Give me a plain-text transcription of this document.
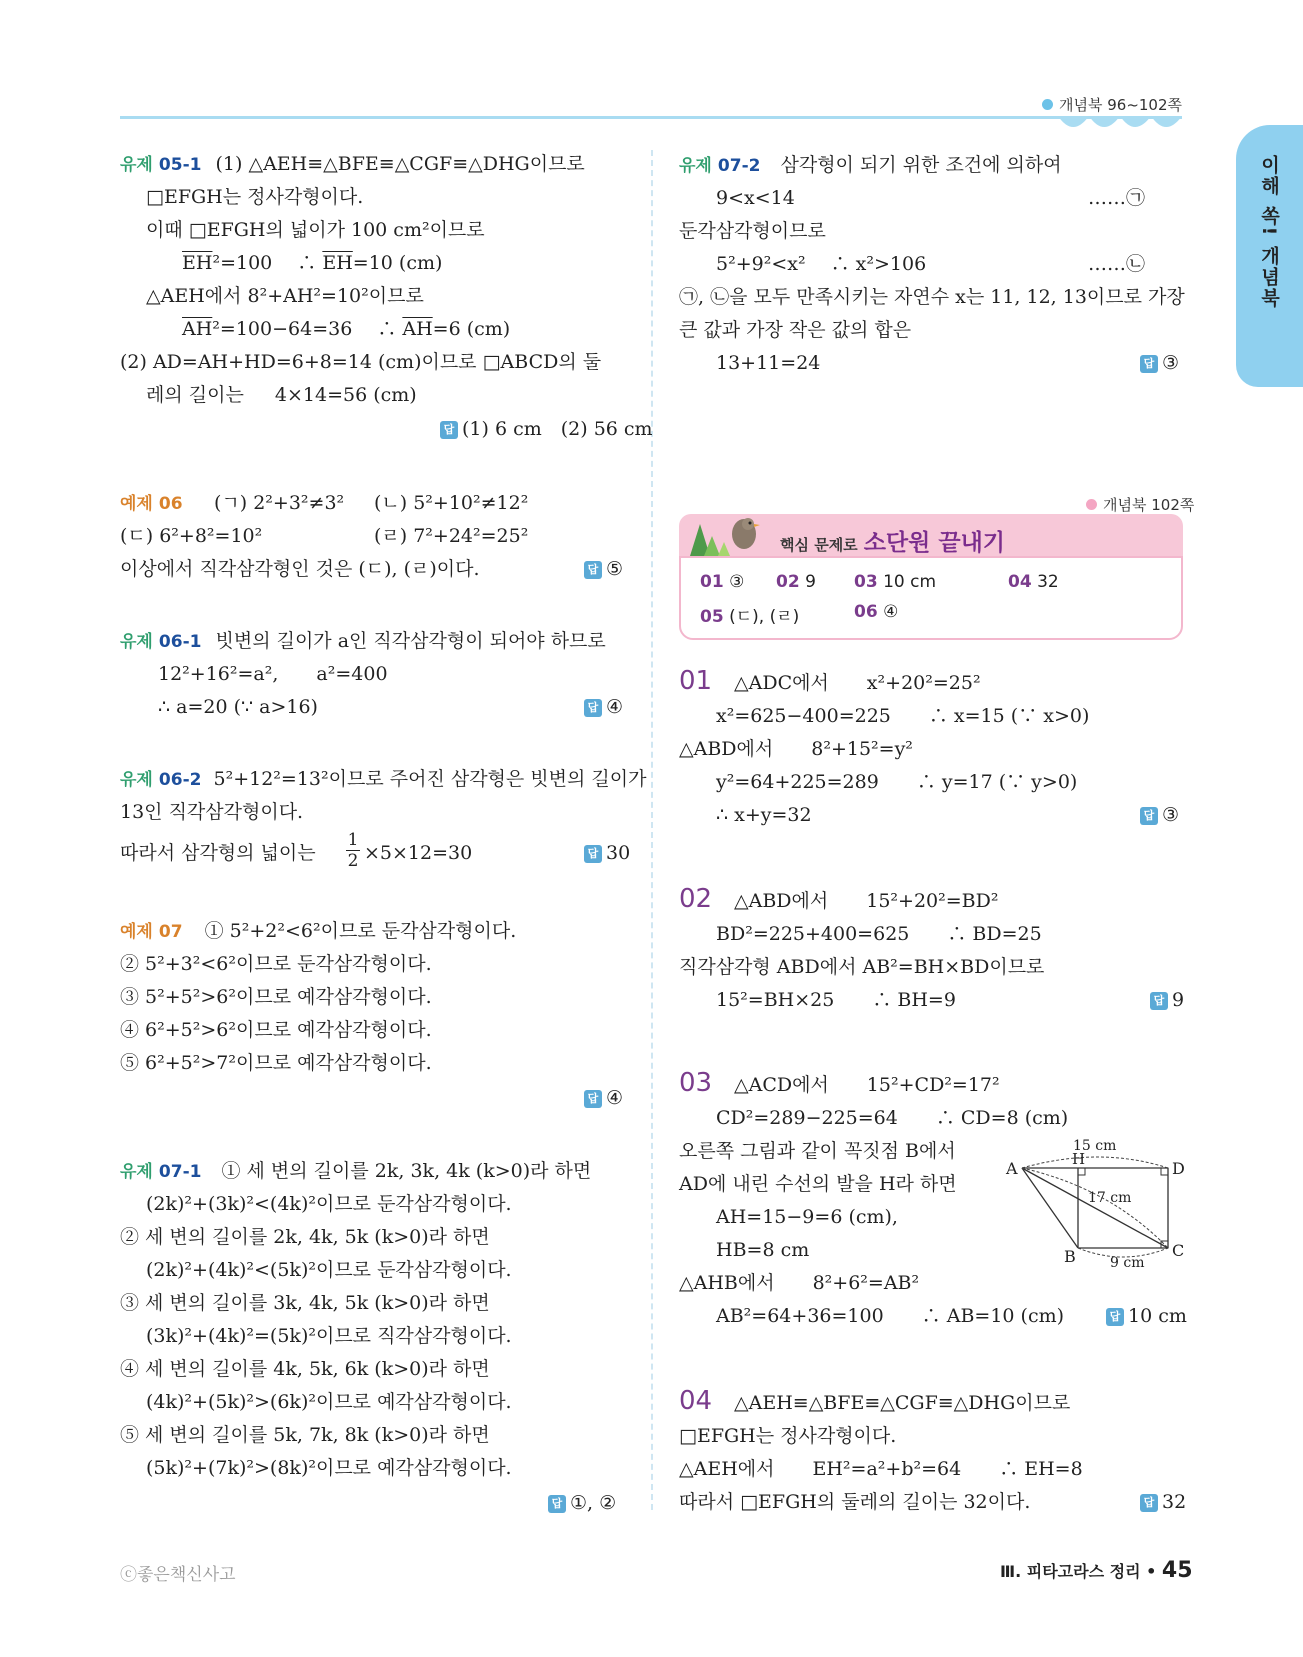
개념북 96~102쪽
이해 쏙! 개념북
유제 05-1 (1) △AEH≡△BFE≡△CGF≡△DHG이므로
□EFGH는 정사각형이다.
이때 □EFGH의 넓이가 100 cm²이므로
$\overline{EH}^2=100$　 ∴ $\overline{EH}=10$ (cm)
△AEH에서 8²+AH²=10²이므로
$\overline{AH}^2=100-64=36$　 ∴ $\overline{AH}=6$ (cm)
(2) AD=AH+HD=6+8=14 (cm)이므로 □ABCD의 둘
레의 길이는 　 4×14=56 (cm)
답 (1) 6 cm　(2) 56 cm
예제 06 (ㄱ) 2²+3²≠3² (ㄴ) 5²+10²≠12²
(ㄷ) 6²+8²=10²	(ㄹ) 7²+24²=25²
이상에서 직각삼각형인 것은 (ㄷ), (ㄹ)이다.	답 ⑤
유제 06-1 빗변의 길이가 a인 직각삼각형이 되어야 하므로
12²+16²=a²,　　a²=400
∴ a=20 (∵ a>16)	답 ④
유제 06-2 5²+12²=13²이므로 주어진 삼각형은 빗변의 길이가
13인 직각삼각형이다.
따라서 삼각형의 넓이는
1
2 ×5×12=30	답 30
예제 07 ① 5²+2²<6²이므로 둔각삼각형이다.
② 5²+3²<6²이므로 둔각삼각형이다.
③ 5²+5²>6²이므로 예각삼각형이다.
④ 6²+5²>6²이므로 예각삼각형이다.
⑤ 6²+5²>7²이므로 예각삼각형이다.
답 ④
유제 07-1 ① 세 변의 길이를 2k, 3k, 4k (k>0)라 하면
(2k)²+(3k)²<(4k)²이므로 둔각삼각형이다.
② 세 변의 길이를 2k, 4k, 5k (k>0)라 하면
(2k)²+(4k)²<(5k)²이므로 둔각삼각형이다.
③ 세 변의 길이를 3k, 4k, 5k (k>0)라 하면
(3k)²+(4k)²=(5k)²이므로 직각삼각형이다.
④ 세 변의 길이를 4k, 5k, 6k (k>0)라 하면
(4k)²+(5k)²>(6k)²이므로 예각삼각형이다.
⑤ 세 변의 길이를 5k, 7k, 8k (k>0)라 하면
(5k)²+(7k)²>(8k)²이므로 예각삼각형이다.
답 ①, ②
유제 07-2 삼각형이 되기 위한 조건에 의하여
9<x<14	……㉠
둔각삼각형이므로
5²+9²<x²　 ∴ x²>106	……㉡
㉠, ㉡을 모두 만족시키는 자연수 x는 11, 12, 13이므로 가장
큰 값과 가장 작은 값의 합은
13+11=24	답 ③
개념북 102쪽
핵심 문제로 소단원 끝내기
01 ③ 02 9 03 10 cm	04 32
05 (ㄷ), (ㄹ)	06 ④
01 △ADC에서　　x²+20²=25²
x²=625−400=225　　∴ x=15 (∵ x>0)
△ABD에서　　8²+15²=y²
y²=64+225=289　　∴ y=17 (∵ y>0)
∴ x+y=32	답 ③
02 △ABD에서　　15²+20²=BD²
BD²=225+400=625　　∴ BD=25
직각삼각형 ABD에서 AB²=BH×BD이므로
15²=BH×25　　∴ BH=9	답 9
03 △ACD에서　　15²+CD²=17²
CD²=289−225=64　　∴ CD=8 (cm)
오른쪽 그림과 같이 꼭짓점 B에서
AD에 내린 수선의 발을 H라 하면
AH=15−9=6 (cm),
HB=8 cm
△AHB에서　　8²+6²=AB²
AB²=64+36=100　　∴ AB=10 (cm)	답 10 cm
15 cm
17 cm
9 cm
A	H	D
B	C
04 △AEH≡△BFE≡△CGF≡△DHG이므로
□EFGH는 정사각형이다.
△AEH에서　　EH²=a²+b²=64　　∴ EH=8
따라서 □EFGH의 둘레의 길이는 32이다.	답 32
ⓒ좋은책신사고	Ⅲ. 피타고라스 정리 • 45
